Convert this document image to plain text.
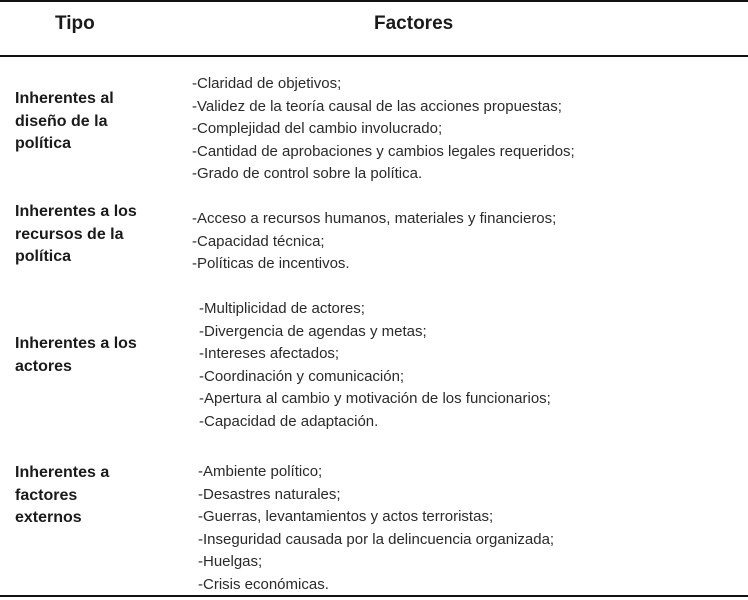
Tipo	Factores
Inherentes al
diseño de la
política
-Claridad de objetivos;
-Validez de la teoría causal de las acciones propuestas;
-Complejidad del cambio involucrado;
-Cantidad de aprobaciones y cambios legales requeridos;
-Grado de control sobre la política.
Inherentes a los
recursos de la
política
-Acceso a recursos humanos, materiales y financieros;
-Capacidad técnica;
-Políticas de incentivos.
Inherentes a los
actores
-Multiplicidad de actores;
-Divergencia de agendas y metas;
-Intereses afectados;
-Coordinación y comunicación;
-Apertura al cambio y motivación de los funcionarios;
-Capacidad de adaptación.
Inherentes a
factores
externos
-Ambiente político;
-Desastres naturales;
-Guerras, levantamientos y actos terroristas;
-Inseguridad causada por la delincuencia organizada;
-Huelgas;
-Crisis económicas.
